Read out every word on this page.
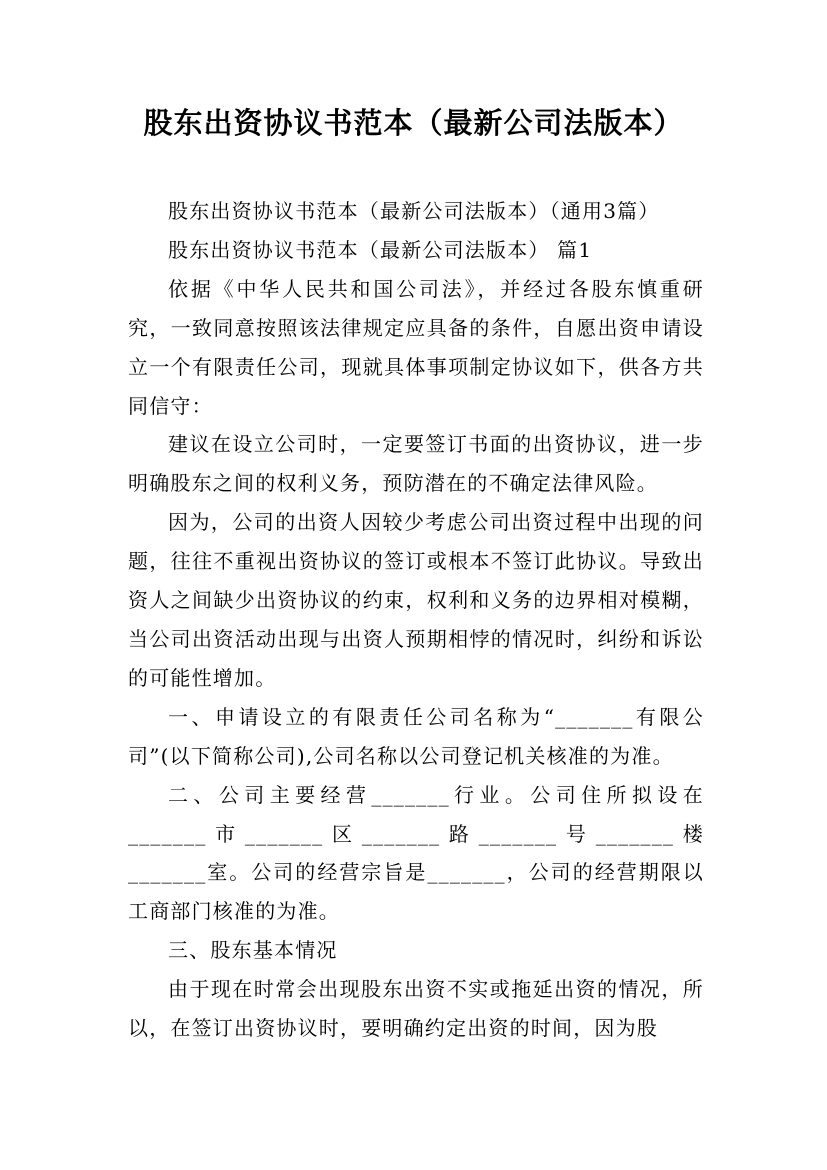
股东出资协议书范本（最新公司法版本）

股东出资协议书范本（最新公司法版本）（通用3篇）

股东出资协议书范本（最新公司法版本） 篇1

依据《中华人民共和国公司法》，并经过各股东慎重研究，一致同意按照该法律规定应具备的条件，自愿出资申请设立一个有限责任公司，现就具体事项制定协议如下，供各方共同信守：

建议在设立公司时，一定要签订书面的出资协议，进一步明确股东之间的权利义务，预防潜在的不确定法律风险。

因为，公司的出资人因较少考虑公司出资过程中出现的问题，往往不重视出资协议的签订或根本不签订此协议。导致出资人之间缺少出资协议的约束，权利和义务的边界相对模糊，当公司出资活动出现与出资人预期相悖的情况时，纠纷和诉讼的可能性增加。

一、申请设立的有限责任公司名称为“_______有限公司”(以下简称公司),公司名称以公司登记机关核准的为准。

二、公司主要经营_______行业。公司住所拟设在_______市_______区_______路_______号_______楼_______室。公司的经营宗旨是_______，公司的经营期限以工商部门核准的为准。

三、股东基本情况

由于现在时常会出现股东出资不实或拖延出资的情况，所以，在签订出资协议时，要明确约定出资的时间，因为股
